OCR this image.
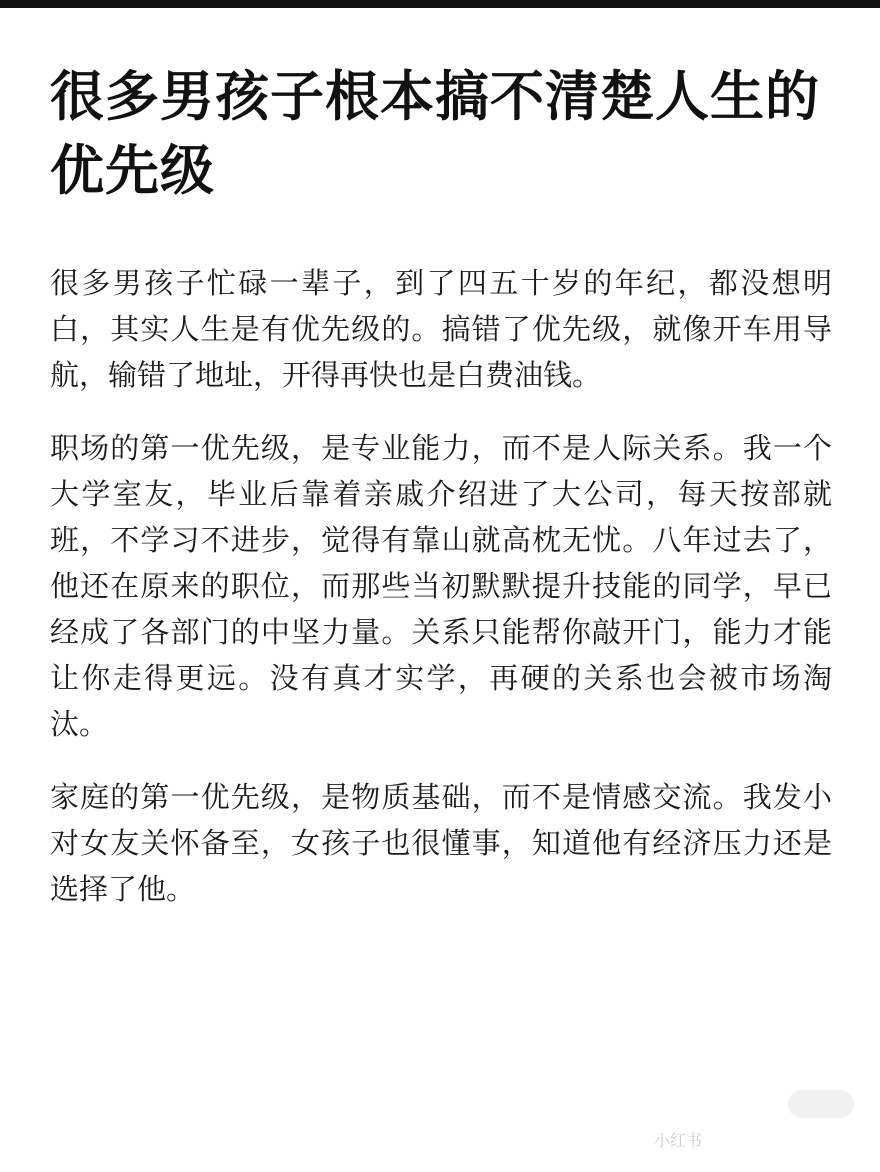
很多男孩子根本搞不清楚人生的优先级

很多男孩子忙碌一辈子，到了四五十岁的年纪，都没想明白，其实人生是有优先级的。搞错了优先级，就像开车用导航，输错了地址，开得再快也是白费油钱。

职场的第一优先级，是专业能力，而不是人际关系。我一个大学室友，毕业后靠着亲戚介绍进了大公司，每天按部就班，不学习不进步，觉得有靠山就高枕无忧。八年过去了，他还在原来的职位，而那些当初默默提升技能的同学，早已经成了各部门的中坚力量。关系只能帮你敲开门，能力才能让你走得更远。没有真才实学，再硬的关系也会被市场淘汰。

家庭的第一优先级，是物质基础，而不是情感交流。我发小对女友关怀备至，女孩子也很懂事，知道他有经济压力还是选择了他。

小红书
